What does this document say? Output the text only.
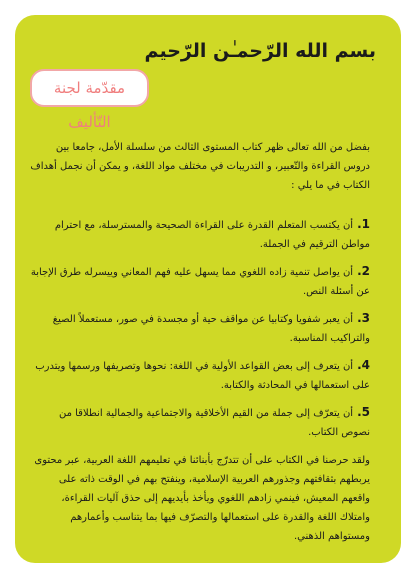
بسم الله الرّحمـٰن الرّحيم
مقدّمة لجنة التّأليف

بفضل من الله تعالى ظهر كتاب المستوى الثالث من سلسلة الأمل، جامعا بين دروس القراءة والتّعبير، و التدريبات في مختلف مواد اللغة، و يمكن أن نجمل أهداف الكتاب في ما يلي :

1.أن يكتسب المتعلم القدرة على القراءة الصحيحة والمسترسلة، مع احترام مواطن الترقيم في الجملة.
2.أن يواصل تنمية زاده اللغوي مما يسهل عليه فهم المعاني وييسرله طرق الإجابة عن أسئلة النص.
3.أن يعبر شفويا وكتابيا عن مواقف حية أو مجسدة في صور، مستعملاً الصيغ والتراكيب المناسبة.
4.أن يتعرف إلى بعض القواعد الأولية في اللغة: نحوها وتصريفها ورسمها ويتدرب على استعمالها في المحادثة والكتابة.
5.أن يتعرّف إلى جملة من القيم الأخلاقية والاجتماعية والجمالية انطلاقا من نصوص الكتاب.

ولقد حرصنا في الكتاب على أن تتدرّج بأبنائنا في تعليمهم اللغة العربية، عبر محتوى يربطهم بثقافتهم وجذورهم العربية الإسلامية، وينفتح بهم في الوقت ذاته على واقعهم المعيش، فينمي زادهم اللغوي ويأخذ بأيديهم إلى حذق آليات القراءة، وامتلاك اللغة والقدرة على استعمالها والتصرّف فيها بما يتناسب وأعمارهم ومستواهم الذهني.
